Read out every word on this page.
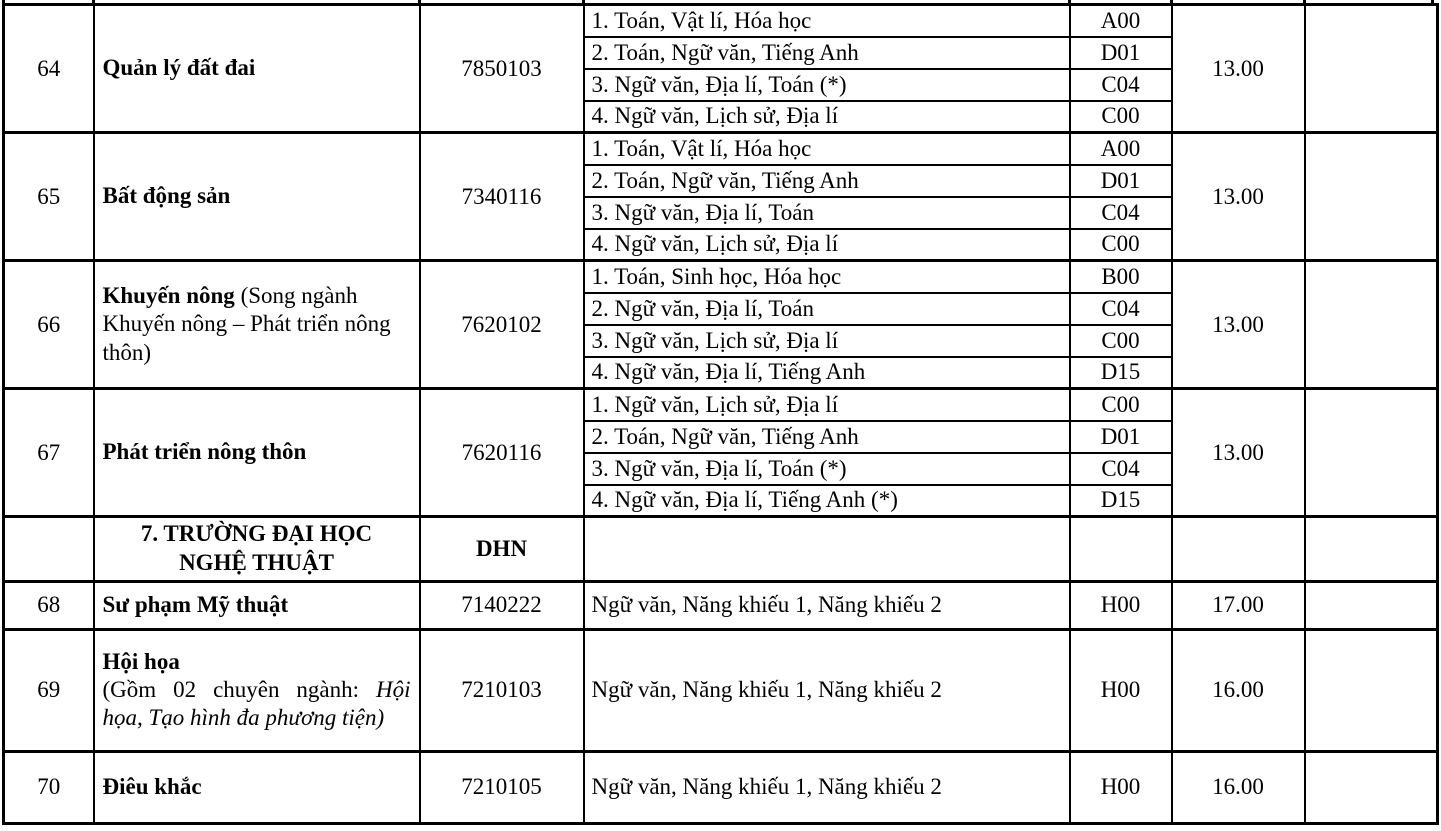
64	Quản lý đất đai	7850103	1. Toán, Vật lí, Hóa học	A00	13.00	
			2. Toán, Ngữ văn, Tiếng Anh	D01		
			3. Ngữ văn, Địa lí, Toán (*)	C04		
			4. Ngữ văn, Lịch sử, Địa lí	C00		
65	Bất động sản	7340116	1. Toán, Vật lí, Hóa học	A00	13.00	
			2. Toán, Ngữ văn, Tiếng Anh	D01		
			3. Ngữ văn, Địa lí, Toán	C04		
			4. Ngữ văn, Lịch sử, Địa lí	C00		
66	Khuyến nông (Song ngành Khuyến nông – Phát triển nông thôn)	7620102	1. Toán, Sinh học, Hóa học	B00	13.00	
			2. Ngữ văn, Địa lí, Toán	C04		
			3. Ngữ văn, Lịch sử, Địa lí	C00		
			4. Ngữ văn, Địa lí, Tiếng Anh	D15		
67	Phát triển nông thôn	7620116	1. Ngữ văn, Lịch sử, Địa lí	C00	13.00	
			2. Toán, Ngữ văn, Tiếng Anh	D01		
			3. Ngữ văn, Địa lí, Toán (*)	C04		
			4. Ngữ văn, Địa lí, Tiếng Anh (*)	D15		

	7. TRƯỜNG ĐẠI HỌC NGHỆ THUẬT	DHN				
68	Sư phạm Mỹ thuật	7140222	Ngữ văn, Năng khiếu 1, Năng khiếu 2	H00	17.00	
69	Hội họa
(Gồm 02 chuyên ngành: Hội họa, Tạo hình đa phương tiện)	7210103	Ngữ văn, Năng khiếu 1, Năng khiếu 2	H00	16.00	
70	Điêu khắc	7210105	Ngữ văn, Năng khiếu 1, Năng khiếu 2	H00	16.00	
